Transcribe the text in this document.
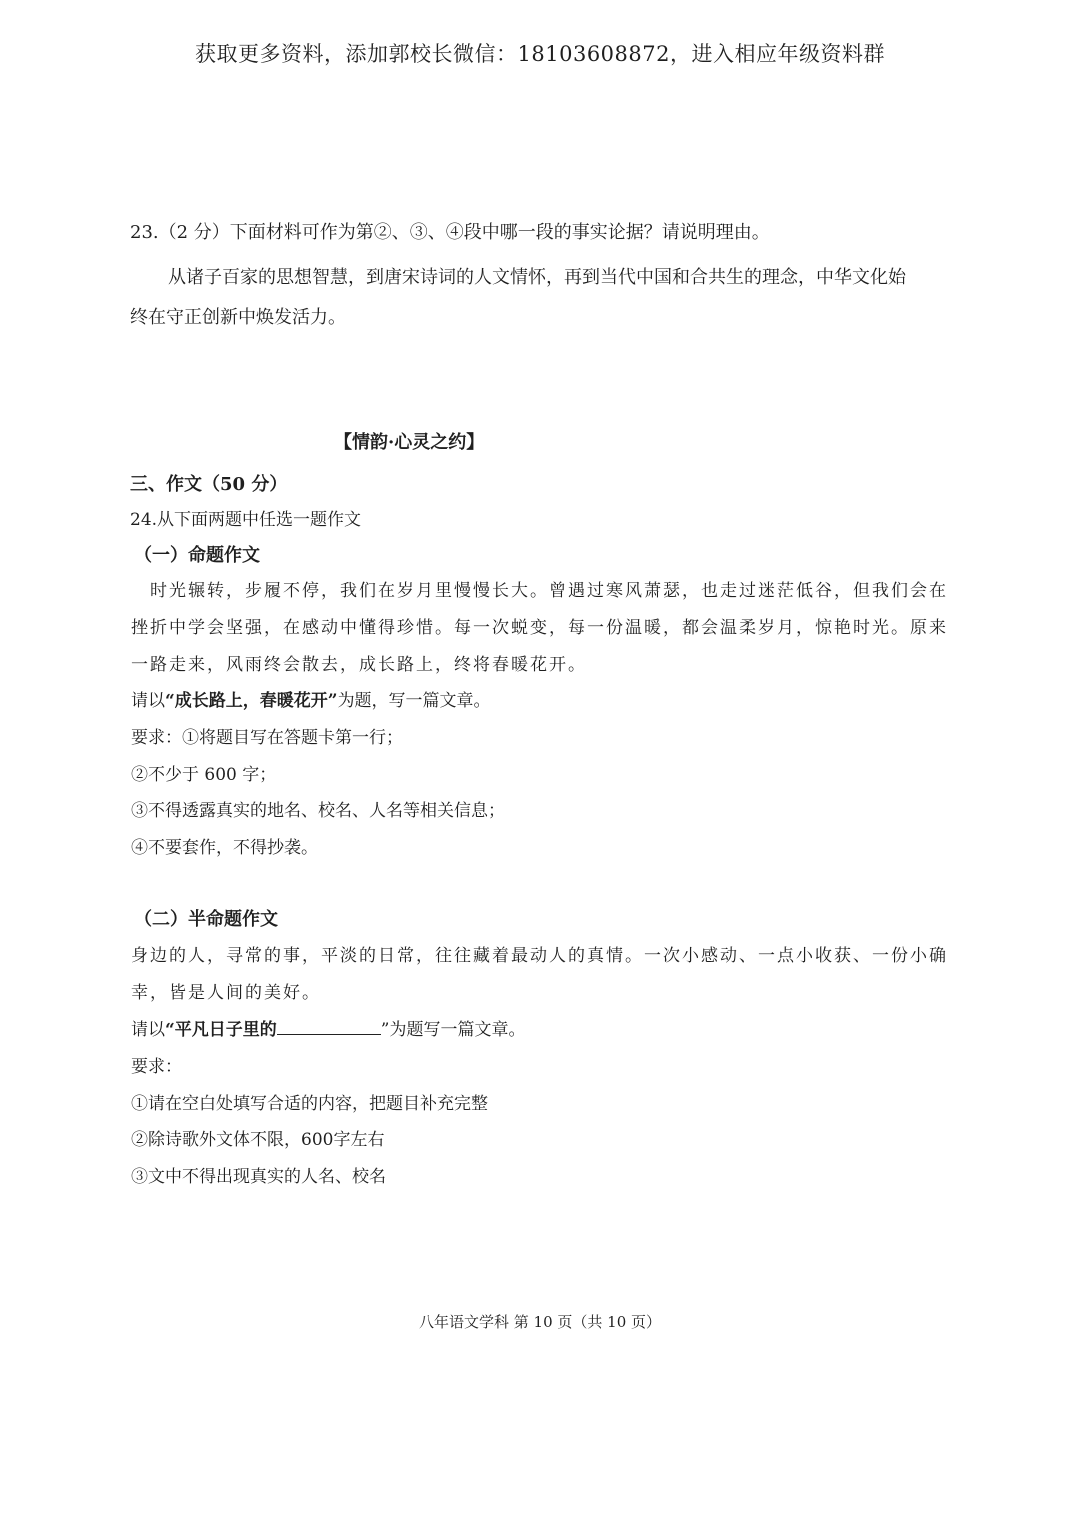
获取更多资料，添加郭校长微信：18103608872，进入相应年级资料群
23.（2 分）下面材料可作为第②、③、④段中哪一段的事实论据？请说明理由。
从诸子百家的思想智慧，到唐宋诗词的人文情怀，再到当代中国和合共生的理念，中华文化始
终在守正创新中焕发活力。
【情韵·心灵之约】
三、作文（50 分）
24.从下面两题中任选一题作文
（一）命题作文
时光辗转，步履不停，我们在岁月里慢慢长大。曾遇过寒风萧瑟，也走过迷茫低谷，但我们会在
挫折中学会坚强，在感动中懂得珍惜。每一次蜕变，每一份温暖，都会温柔岁月，惊艳时光。原来
一路走来，风雨终会散去，成长路上，终将春暖花开。
请以“成长路上，春暖花开”为题，写一篇文章。
要求：①将题目写在答题卡第一行；
②不少于 600 字；
③不得透露真实的地名、校名、人名等相关信息；
④不要套作，不得抄袭。
（二）半命题作文
身边的人，寻常的事，平淡的日常，往往藏着最动人的真情。一次小感动、一点小收获、一份小确
幸，皆是人间的美好。
请以“平凡日子里的	”为题写一篇文章。
要求：
①请在空白处填写合适的内容，把题目补充完整
②除诗歌外文体不限，600字左右
③文中不得出现真实的人名、校名
八年语文学科 第 10 页（共 10 页）
